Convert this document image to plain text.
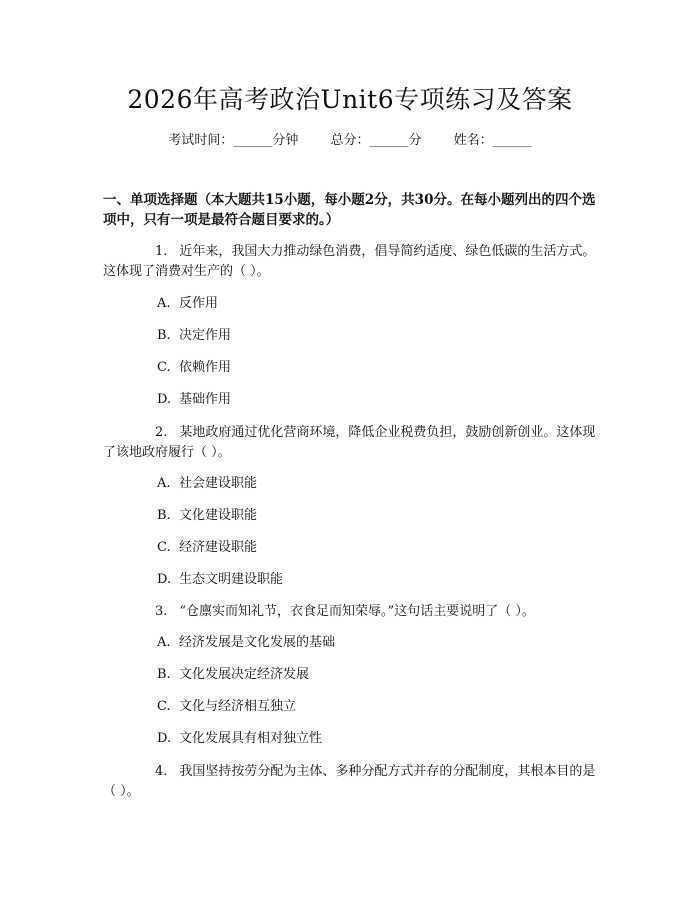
2026年高考政治Unit6专项练习及答案
考试时间：______分钟 总分：______分 姓名：______
一、单项选择题（本大题共15小题，每小题2分，共30分。在每小题列出的四个选项中，只有一项是最符合题目要求的。）
1. 近年来，我国大力推动绿色消费，倡导简约适度、绿色低碳的生活方式。这体现了消费对生产的（ ）。
A. 反作用
B. 决定作用
C. 依赖作用
D. 基础作用
2. 某地政府通过优化营商环境，降低企业税费负担，鼓励创新创业。这体现了该地政府履行（ ）。
A. 社会建设职能
B. 文化建设职能
C. 经济建设职能
D. 生态文明建设职能
3. “仓廪实而知礼节，衣食足而知荣辱。”这句话主要说明了（ ）。
A. 经济发展是文化发展的基础
B. 文化发展决定经济发展
C. 文化与经济相互独立
D. 文化发展具有相对独立性
4. 我国坚持按劳分配为主体、多种分配方式并存的分配制度，其根本目的是（ ）。
